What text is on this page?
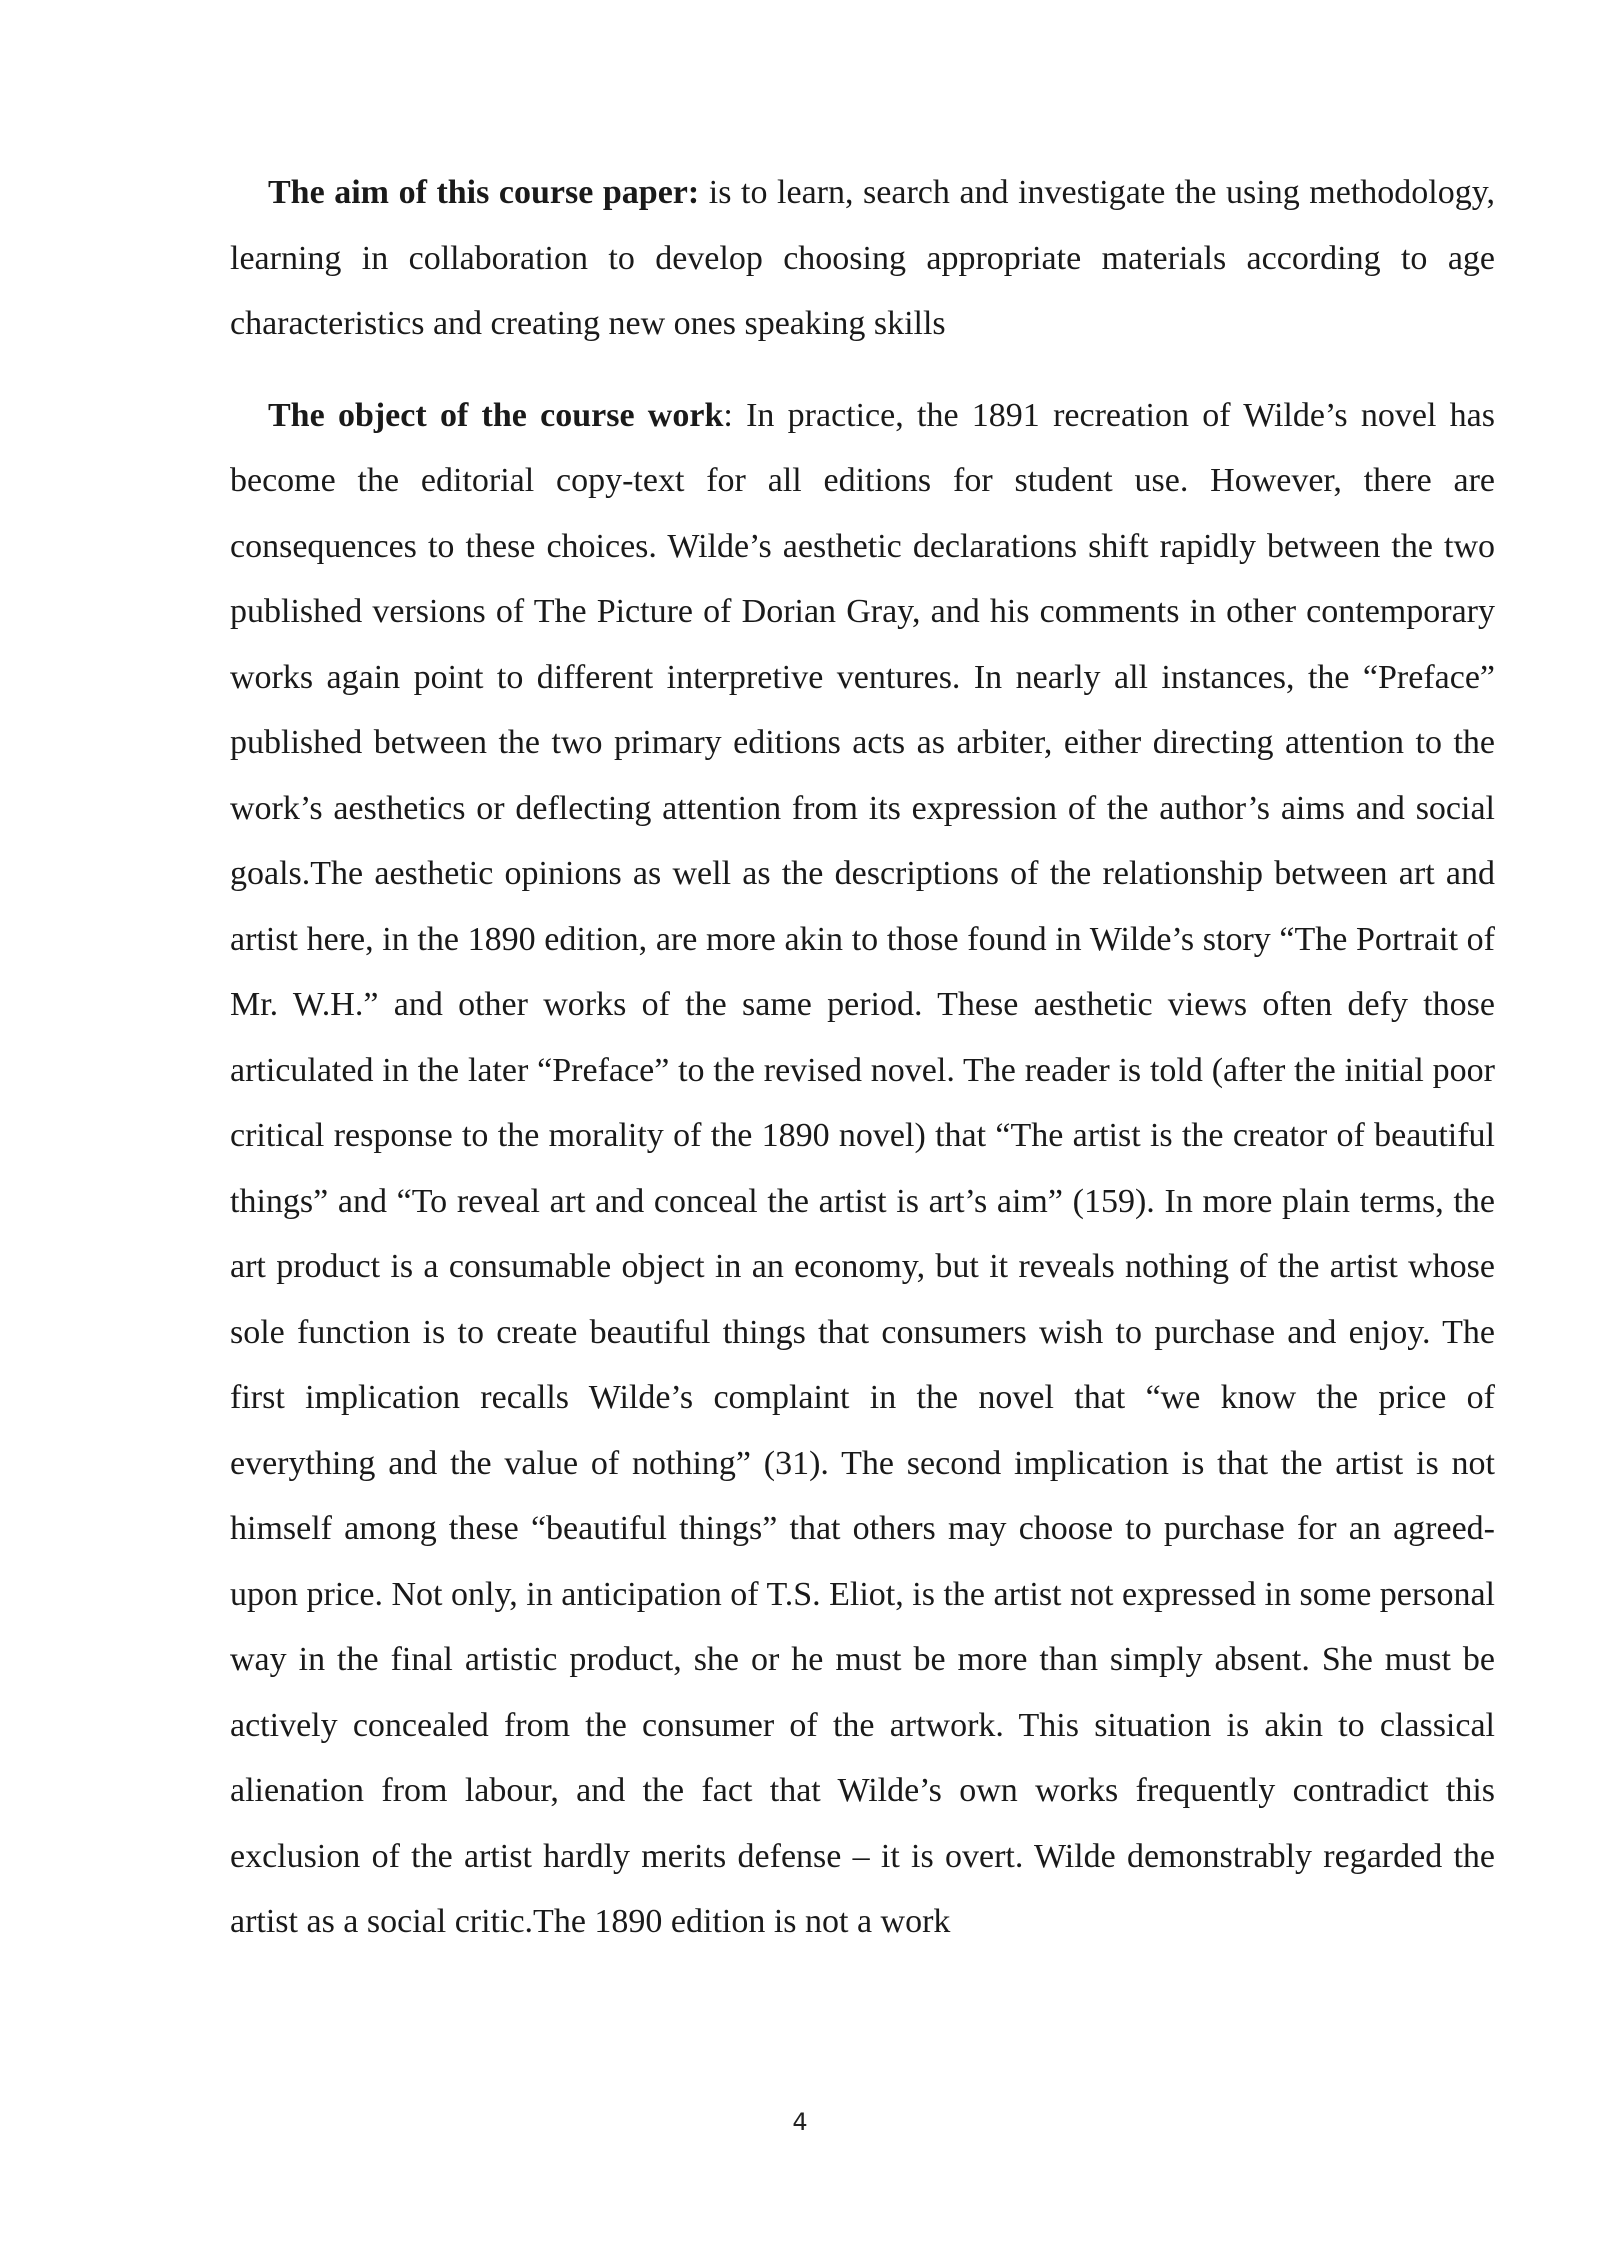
The aim of this course paper: is to learn, search and investigate the using methodology, learning in collaboration to develop choosing appropriate materials according to age characteristics and creating new ones speaking skills

The object of the course work: In practice, the 1891 recreation of Wilde’s novel has become the editorial copy-text for all editions for student use. However, there are consequences to these choices. Wilde’s aesthetic declarations shift rapidly between the two published versions of The Picture of Dorian Gray, and his comments in other contemporary works again point to different interpretive ventures. In nearly all instances, the “Preface” published between the two primary editions acts as arbiter, either directing attention to the work’s aesthetics or deflecting attention from its expression of the author’s aims and social goals.The aesthetic opinions as well as the descriptions of the relationship between art and artist here, in the 1890 edition, are more akin to those found in Wilde’s story “The Portrait of Mr. W.H.” and other works of the same period. These aesthetic views often defy those articulated in the later “Preface” to the revised novel. The reader is told (after the initial poor critical response to the morality of the 1890 novel) that “The artist is the creator of beautiful things” and “To reveal art and conceal the artist is art’s aim” (159). In more plain terms, the art product is a consumable object in an economy, but it reveals nothing of the artist whose sole function is to create beautiful things that consumers wish to purchase and enjoy. The first implication recalls Wilde’s complaint in the novel that “we know the price of everything and the value of nothing” (31). The second implication is that the artist is not himself among these “beautiful things” that others may choose to purchase for an agreed-upon price. Not only, in anticipation of T.S. Eliot, is the artist not expressed in some personal way in the final artistic product, she or he must be more than simply absent. She must be actively concealed from the consumer of the artwork. This situation is akin to classical alienation from labour, and the fact that Wilde’s own works frequently contradict this exclusion of the artist hardly merits defense – it is overt. Wilde demonstrably regarded the artist as a social critic.The 1890 edition is not a work

4
